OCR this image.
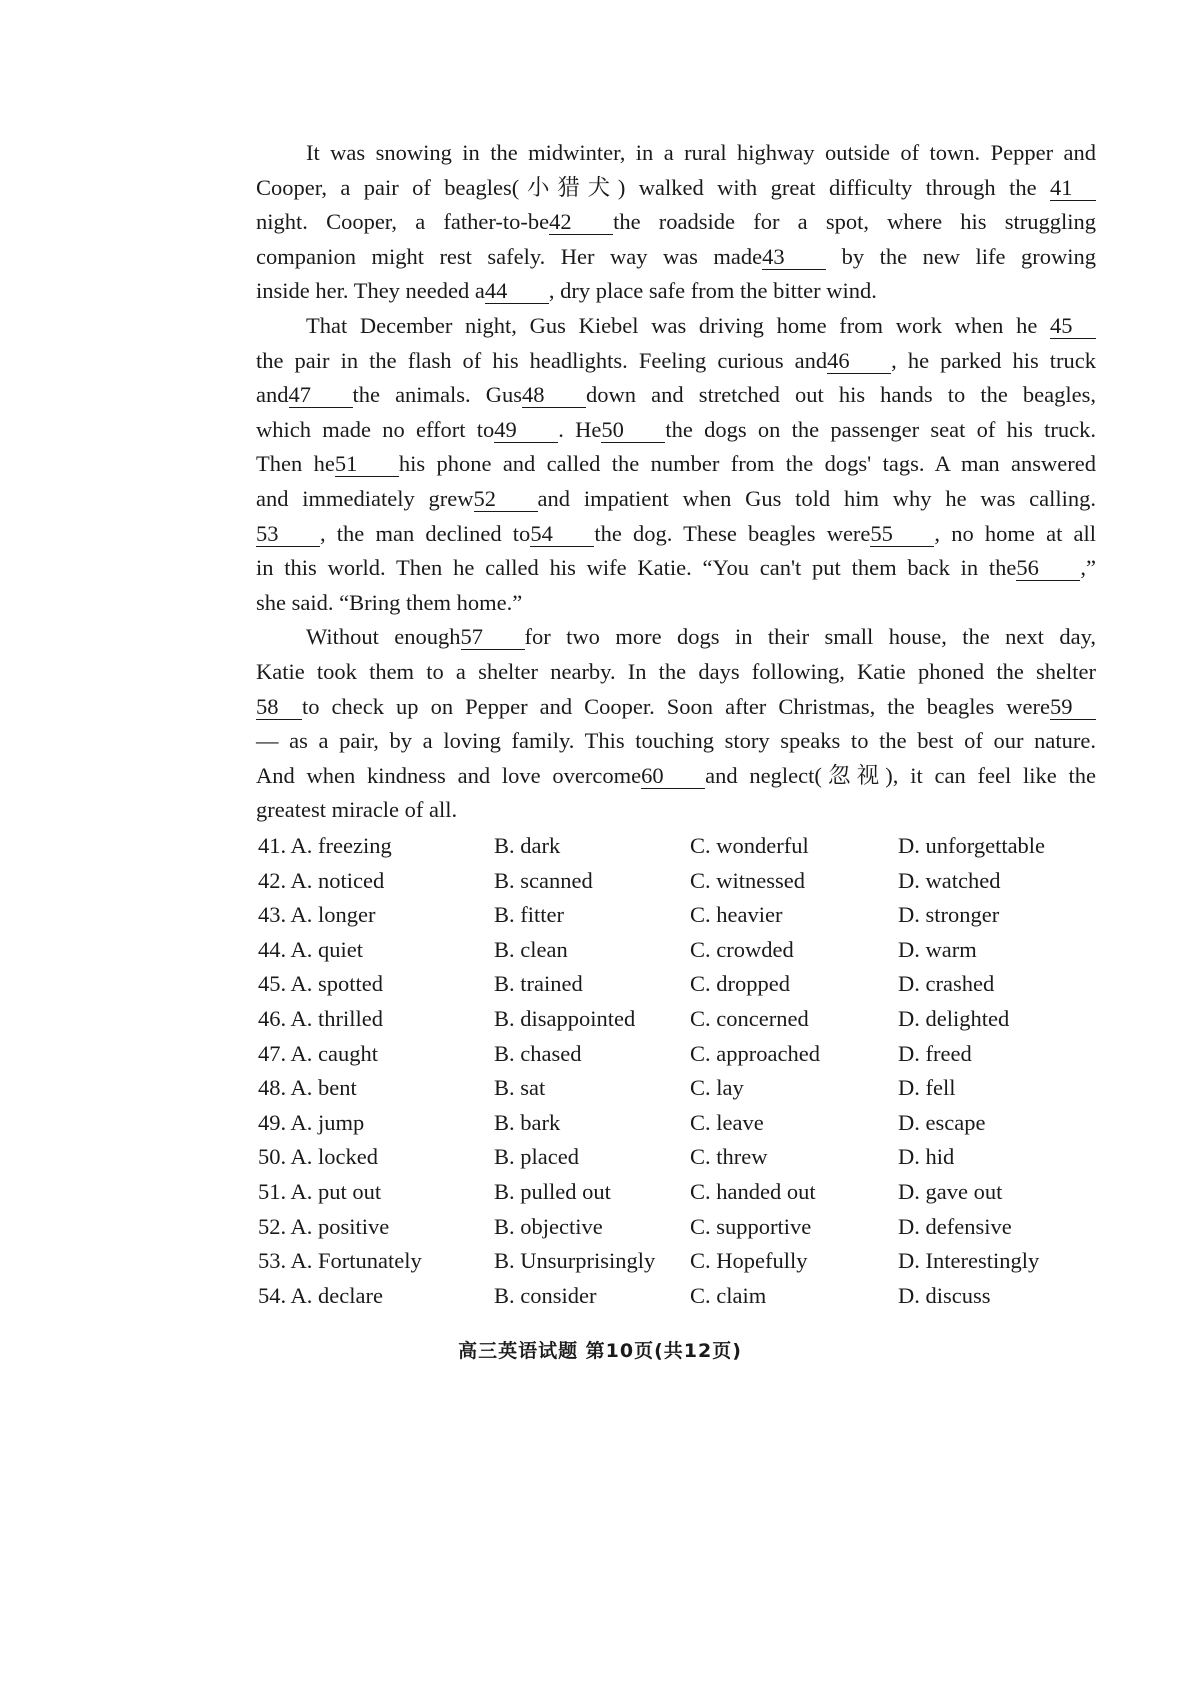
It was snowing in the midwinter, in a rural highway outside of town. Pepper and
Cooper, a pair of beagles(小猎犬) walked with great difficulty through the 41
night. Cooper, a father-to-be42 the roadside for a spot, where his struggling
companion might rest safely. Her way was made43 by the new life growing
inside her. They needed a44 , dry place safe from the bitter wind.
That December night, Gus Kiebel was driving home from work when he 45
the pair in the flash of his headlights. Feeling curious and46 , he parked his truck
and47 the animals. Gus48 down and stretched out his hands to the beagles,
which made no effort to49 . He50 the dogs on the passenger seat of his truck.
Then he51 his phone and called the number from the dogs' tags. A man answered
and immediately grew52 and impatient when Gus told him why he was calling.
53 , the man declined to54 the dog. These beagles were55 , no home at all
in this world. Then he called his wife Katie. “You can't put them back in the56 ,”
she said. “Bring them home.”
Without enough57 for two more dogs in their small house, the next day,
Katie took them to a shelter nearby. In the days following, Katie phoned the shelter
58 to check up on Pepper and Cooper. Soon after Christmas, the beagles were59
— as a pair, by a loving family. This touching story speaks to the best of our nature.
And when kindness and love overcome60 and neglect(忽视), it can feel like the
greatest miracle of all.
41. A. freezing	B. dark	C. wonderful	D. unforgettable
42. A. noticed	B. scanned	C. witnessed	D. watched
43. A. longer	B. fitter	C. heavier	D. stronger
44. A. quiet	B. clean	C. crowded	D. warm
45. A. spotted	B. trained	C. dropped	D. crashed
46. A. thrilled	B. disappointed C. concerned	D. delighted
47. A. caught	B. chased	C. approached	D. freed
48. A. bent	B. sat	C. lay	D. fell
49. A. jump	B. bark	C. leave	D. escape
50. A. locked	B. placed	C. threw	D. hid
51. A. put out	B. pulled out	C. handed out	D. gave out
52. A. positive	B. objective	C. supportive	D. defensive
53. A. Fortunately	B. Unsurprisingly C. Hopefully	D. Interestingly
54. A. declare	B. consider	C. claim	D. discuss
高三英语试题 第10页(共12页)
